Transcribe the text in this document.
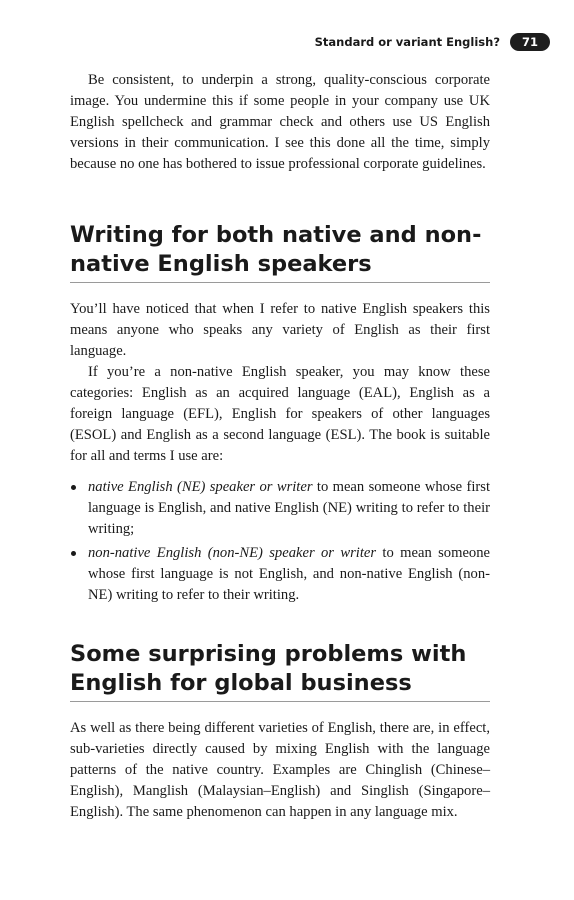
Standard or variant English?	71

Be consistent, to underpin a strong, quality-conscious corporate image. You undermine this if some people in your company use UK English spellcheck and grammar check and others use US English versions in their communication. I see this done all the time, simply because no one has bothered to issue professional corporate guidelines.

Writing for both native and non-native English speakers

You’ll have noticed that when I refer to native English speakers this means anyone who speaks any variety of English as their first language.

If you’re a non-native English speaker, you may know these categories: English as an acquired language (EAL), English as a foreign language (EFL), English for speakers of other languages (ESOL) and English as a second language (ESL). The book is suitable for all and terms I use are:

native English (NE) speaker or writer to mean someone whose first language is English, and native English (NE) writing to refer to their writing;
non-native English (non-NE) speaker or writer to mean someone whose first language is not English, and non-native English (non-NE) writing to refer to their writing.
Some surprising problems with English for global business

As well as there being different varieties of English, there are, in effect, sub-varieties directly caused by mixing English with the language patterns of the native country. Examples are Chinglish (Chinese–English), Manglish (Malaysian–English) and Singlish (Singapore–English). The same phenomenon can happen in any language mix.
